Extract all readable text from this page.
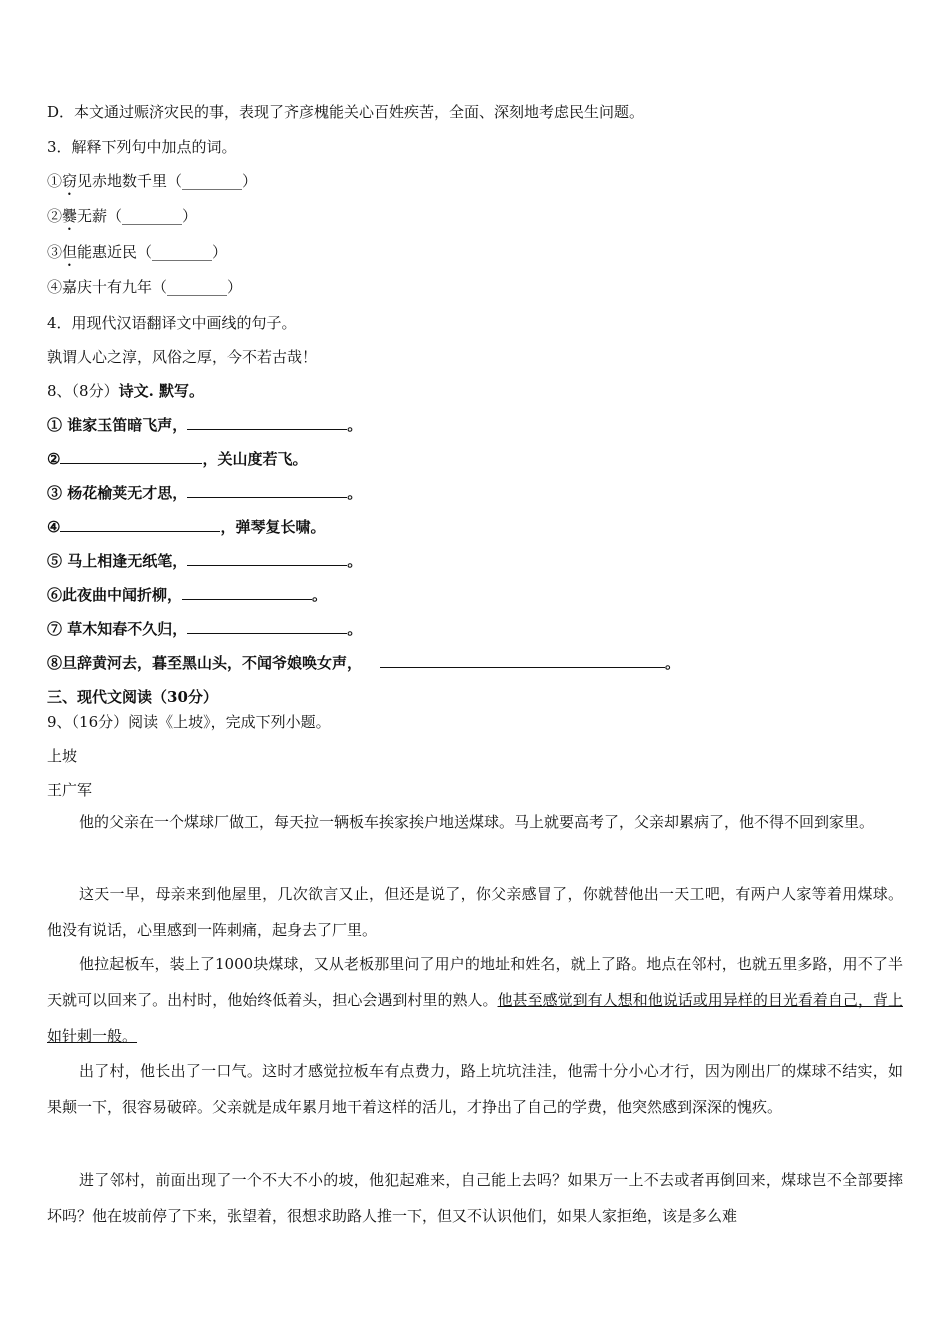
D．本文通过赈济灾民的事，表现了齐彦槐能关心百姓疾苦，全面、深刻地考虑民生问题。
3．解释下列句中加点的词。
①窃见赤地数千里（________）
②爨无薪（________）
③但能惠近民（________）
④嘉庆十有九年（________）
4．用现代汉语翻译文中画线的句子。
孰谓人心之淳，风俗之厚，今不若古哉！
8、（8分）诗文. 默写。
① 谁家玉笛暗飞声，	。
②	，关山度若飞。
③ 杨花榆荚无才思，	。
④	，弹琴复长啸。
⑤ 马上相逢无纸笔，	。
⑥此夜曲中闻折柳，	。
⑦ 草木知春不久归，	。
⑧旦辞黄河去，暮至黑山头，不闻爷娘唤女声，	。
三、现代文阅读（30分）
9、（16分）阅读《上坡》，完成下列小题。
上坡
王广军
他的父亲在一个煤球厂做工，每天拉一辆板车挨家挨户地送煤球。马上就要高考了，父亲却累病了，他不得不回到家里。
这天一早，母亲来到他屋里，几次欲言又止，但还是说了，你父亲感冒了，你就替他出一天工吧，有两户人家等着用煤球。他没有说话，心里感到一阵刺痛，起身去了厂里。
他拉起板车，装上了1000块煤球，又从老板那里问了用户的地址和姓名，就上了路。地点在邻村，也就五里多路，用不了半天就可以回来了。出村时，他始终低着头，担心会遇到村里的熟人。他甚至感觉到有人想和他说话或用异样的目光看着自己，背上如针刺一般。
出了村，他长出了一口气。这时才感觉拉板车有点费力，路上坑坑洼洼，他需十分小心才行，因为刚出厂的煤球不结实，如果颠一下，很容易破碎。父亲就是成年累月地干着这样的活儿，才挣出了自己的学费，他突然感到深深的愧疚。
进了邻村，前面出现了一个不大不小的坡，他犯起难来，自己能上去吗？如果万一上不去或者再倒回来，煤球岂不全部要摔坏吗？他在坡前停了下来，张望着，很想求助路人推一下，但又不认识他们，如果人家拒绝，该是多么难
